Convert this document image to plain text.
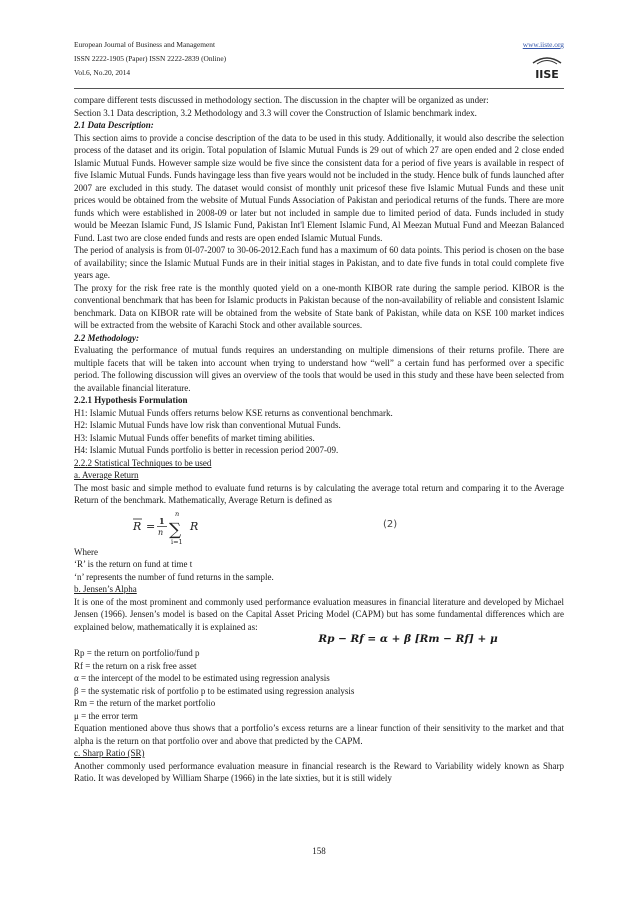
European Journal of Business and Management
ISSN 2222-1905 (Paper) ISSN 2222-2839 (Online)
Vol.6, No.20, 2014
www.iiste.org
IISE

compare different tests discussed in methodology section. The discussion in the chapter will be organized as under:

Section 3.1 Data description, 3.2 Methodology and 3.3 will cover the Construction of Islamic benchmark index.

2.1 Data Description:

This section aims to provide a concise description of the data to be used in this study. Additionally, it would also describe the selection process of the dataset and its origin. Total population of Islamic Mutual Funds is 29 out of which 27 are open ended and 2 close ended Islamic Mutual Funds. However sample size would be five since the consistent data for a period of five years is available in respect of five Islamic Mutual Funds. Funds havingage less than five years would not be included in the study. Hence bulk of funds launched after 2007 are excluded in this study. The dataset would consist of monthly unit pricesof these five Islamic Mutual Funds and these unit prices would be obtained from the website of Mutual Funds Association of Pakistan and periodical returns of the funds. There are more funds which were established in 2008-09 or later but not included in sample due to limited period of data. Funds included in study would be Meezan Islamic Fund, JS Islamic Fund, Pakistan Int'l Element Islamic Fund, Al Meezan Mutual Fund and Meezan Balanced Fund. Last two are close ended funds and rests are open ended Islamic Mutual Funds.

The period of analysis is from 0I-07-2007 to 30-06-2012.Each fund has a maximum of 60 data points. This period is chosen on the base of availability; since the Islamic Mutual Funds are in their initial stages in Pakistan, and to date five funds in total could complete five years age.

The proxy for the risk free rate is the monthly quoted yield on a one-month KIBOR rate during the sample period. KIBOR is the conventional benchmark that has been for Islamic products in Pakistan because of the non-availability of reliable and consistent Islamic benchmark. Data on KIBOR rate will be obtained from the website of State bank of Pakistan, while data on KSE 100 market indices will be extracted from the website of Karachi Stock and other available sources.

2.2 Methodology:

Evaluating the performance of mutual funds requires an understanding on multiple dimensions of their returns profile. There are multiple facets that will be taken into account when trying to understand how “well” a certain fund has performed over a specific period. The following discussion will gives an overview of the tools that would be used in this study and these have been selected from the available financial literature.

2.2.1 Hypothesis Formulation

H1: Islamic Mutual Funds offers returns below KSE returns as conventional benchmark.

H2: Islamic Mutual Funds have low risk than conventional Mutual Funds.

H3: Islamic Mutual Funds offer benefits of market timing abilities.

H4: Islamic Mutual Funds portfolio is better in recession period 2007-09.

2.2.2 Statistical Techniques to be used

a. Average Return

The most basic and simple method to evaluate fund returns is by calculating the average total return and comparing it to the Average Return of the benchmark. Mathematically, Average Return is defined as

R = 1
n
n
∑
i=1
R	(2)

Where

‘R’ is the return on fund at time t

‘n’ represents the number of fund returns in the sample.

b. Jensen’s Alpha

It is one of the most prominent and commonly used performance evaluation measures in financial literature and developed by Michael Jensen (1966). Jensen’s model is based on the Capital Asset Pricing Model (CAPM) but has some fundamental differences which are explained below, mathematically it is explained as:

Rp − Rf = α + β [Rm − Rf] + μ

Rp = the return on portfolio/fund p

Rf = the return on a risk free asset

α = the intercept of the model to be estimated using regression analysis

β = the systematic risk of portfolio p to be estimated using regression analysis

Rm = the return of the market portfolio

μ = the error term

Equation mentioned above thus shows that a portfolio’s excess returns are a linear function of their sensitivity to the market and that alpha is the return on that portfolio over and above that predicted by the CAPM.

c. Sharp Ratio (SR)

Another commonly used performance evaluation measure in financial research is the Reward to Variability widely known as Sharp Ratio. It was developed by William Sharpe (1966) in the late sixties, but it is still widely

158
